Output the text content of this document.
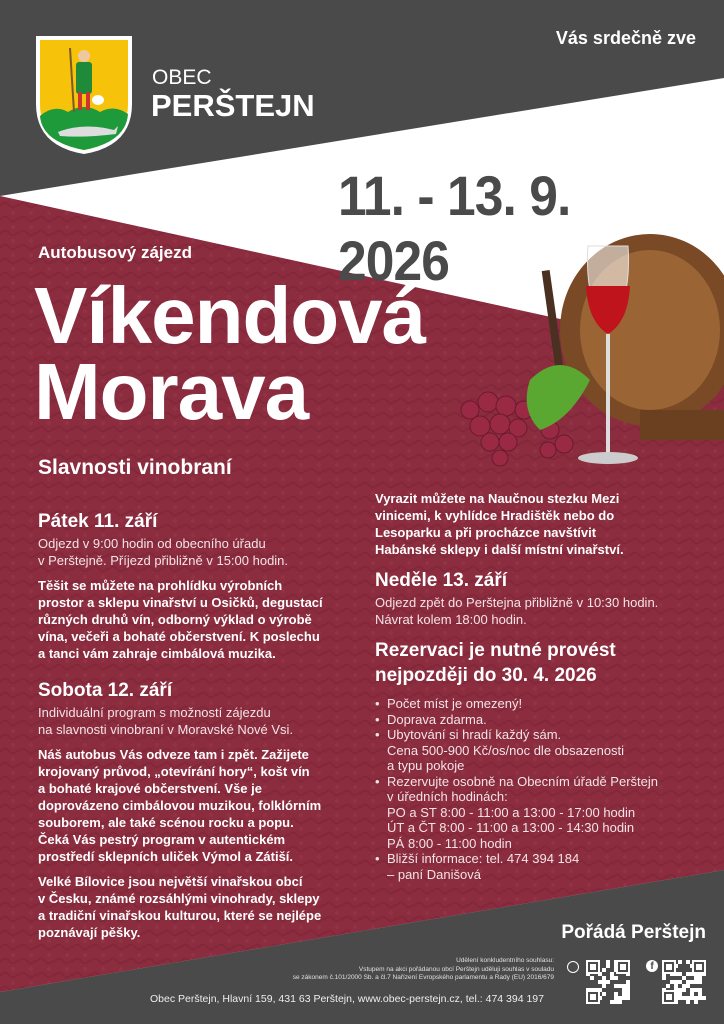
OBEC
PERŠTEJN
Vás srdečně zve
11. - 13. 9. 2026
Autobusový zájezd
Víkendová
Morava
Slavnosti vinobraní
Pátek 11. září
Odjezd v 9:00 hodin od obecního úřadu
v Perštejně. Příjezd přibližně v 15:00 hodin.
Těšit se můžete na prohlídku výrobních
prostor a sklepu vinařství u Osičků, degustací
různých druhů vín, odborný výklad o výrobě
vína, večeři a bohaté občerstvení. K poslechu
a tanci vám zahraje cimbálová muzika.
Sobota 12. září
Individuální program s možností zájezdu
na slavnosti vinobraní v Moravské Nové Vsi.
Náš autobus Vás odveze tam i zpět. Zažijete
krojovaný průvod, „otevírání hory“, košt vín
a bohaté krajové občerstvení. Vše je
doprovázeno cimbálovou muzikou, folklórním
souborem, ale také scénou rocku a popu.
Čeká Vás pestrý program v autentickém
prostředí sklepních uliček Výmol a Zátiší.
Velké Bílovice jsou největší vinařskou obcí
v Česku, známé rozsáhlými vinohrady, sklepy
a tradiční vinařskou kulturou, které se nejlépe
poznávají pěšky.
Vyrazit můžete na Naučnou stezku Mezi
vinicemi, k vyhlídce Hradištěk nebo do
Lesoparku a při procházce navštívit
Habánské sklepy i další místní vinařství.
Neděle 13. září
Odjezd zpět do Perštejna přibližně v 10:30 hodin.
Návrat kolem 18:00 hodin.
Rezervaci je nutné provést
nejpozději do 30. 4. 2026
• Počet míst je omezený!
• Doprava zdarma.
• Ubytování si hradí každý sám.
Cena 500-900 Kč/os/noc dle obsazenosti
a typu pokoje
• Rezervujte osobně na Obecním úřadě Perštejn
v úředních hodinách:
PO a ST 8:00 - 11:00 a 13:00 - 17:00 hodin
ÚT a ČT 8:00 - 11:00 a 13:00 - 14:30 hodin
PÁ 8:00 - 11:00 hodin
• Bližší informace: tel. 474 394 184
– paní Danišová
Pořádá Perštejn
Udělení konkludentního souhlasu:
Vstupem na akci pořádanou obcí Perštejn uděluji souhlas v souladu
se zákonem č.101/2000 Sb. a čl.7 Nařízení Evropského parlamentu a Rady (EU) 2016/679
Obec Perštejn, Hlavní 159, 431 63 Perštejn, www.obec-perstejn.cz, tel.: 474 394 197
f
